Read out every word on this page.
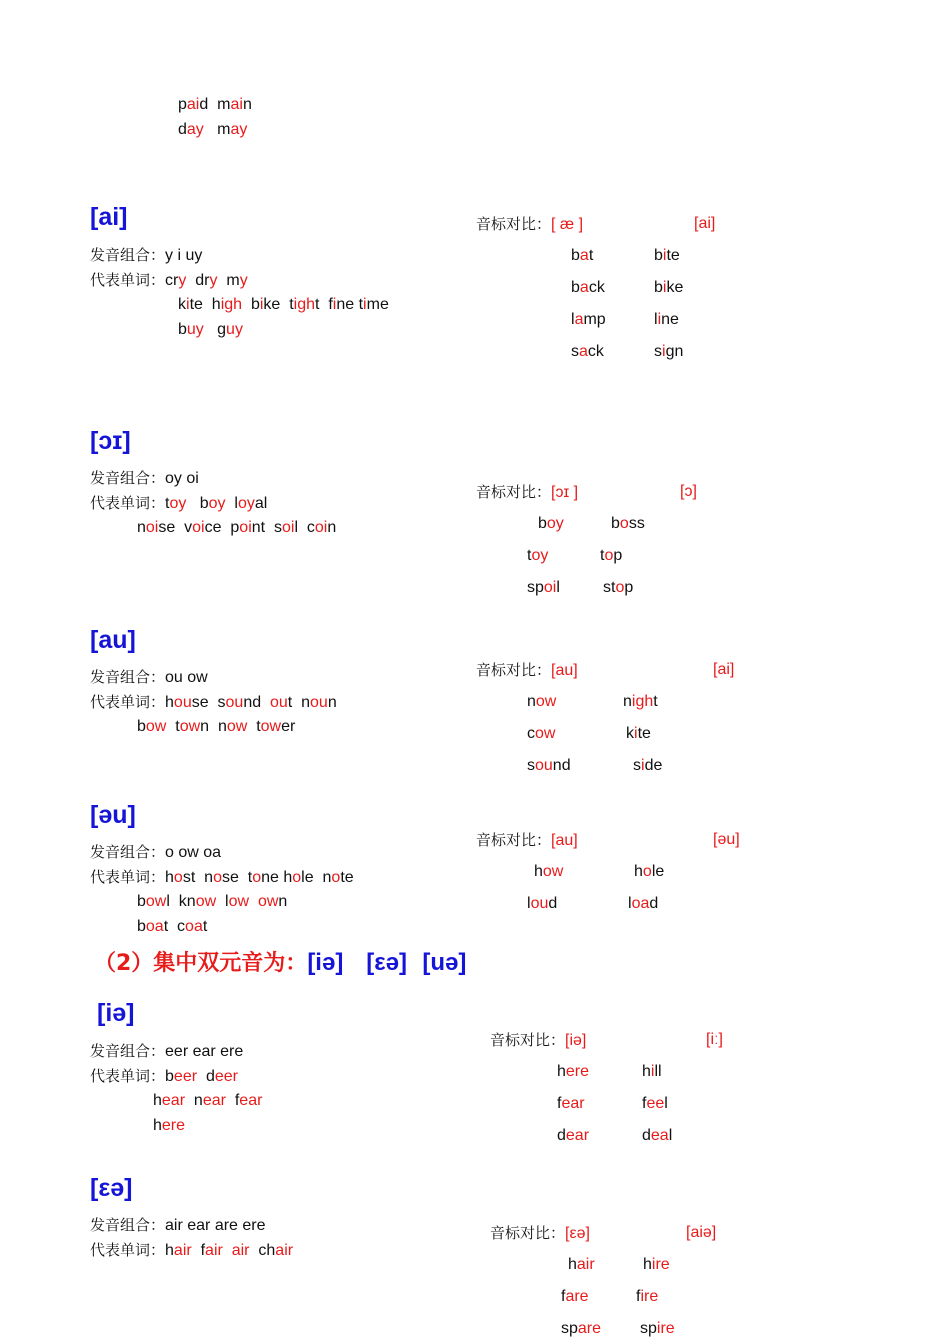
paid  main
day   may
[ai]
发音组合：y i uy
代表单词：cry  dry  my
kite  high  bike  tight  fine time
buy   guy
音标对比：[ æ ]	[ai]
[ɔɪ]
发音组合：oy oi
代表单词：toy   boy  loyal
noise  voice  point  soil  coin
音标对比：[ɔɪ ]	[ɔ]
[au]
发音组合：ou ow
代表单词：house  sound  out  noun
bow  town  now  tower
音标对比：[au]	[ai]
[əu]
发音组合：o ow oa
代表单词：host  nose  tone hole  note
bowl  know  low own
boat  coat
音标对比：[au]	[əu]
（2）集中双元音为：[iə] [εə] [uə]
[iə]
发音组合：eer ear ere
代表单词：beer  deer
hear  near  fear
here
音标对比：[iə]	[iː]
[εə]
发音组合：air ear are ere
代表单词：hair  fair air  chair
音标对比：[εə]	[aiə]
bat	bite
back	bike
lamp	line
sack	sign
boy	boss
toy	top
spoil	stop
now	night
cow	kite
sound	side
how	hole
loud	load
here	hill
fear	feel
dear	deal
hair	hire
fare	fire
spare spire
